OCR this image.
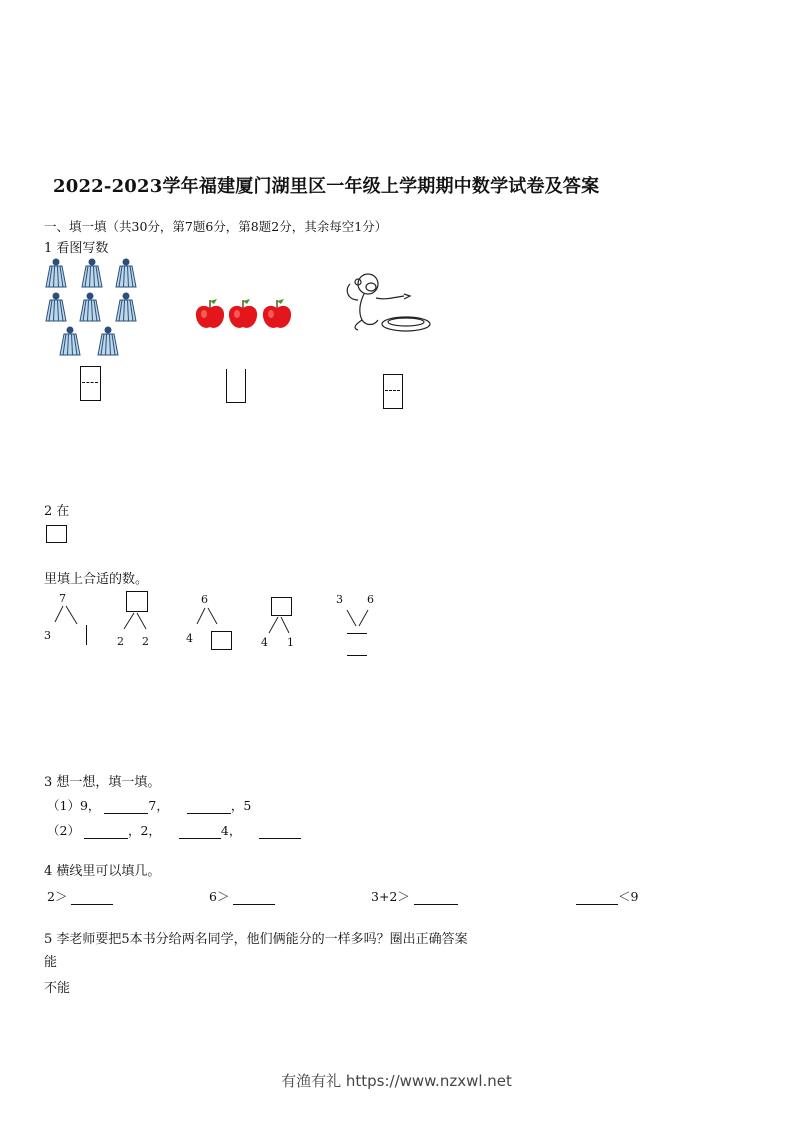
2022-2023学年福建厦门湖里区一年级上学期期中数学试卷及答案
一、填一填（共30分，第7题6分，第8题2分，其余每空1分）
1 看图写数
2 在
里填上合适的数。
7
3	2 2
6
4	4 1
3 6
3 想一想，填一填。
（1）9，	7，	，5
（2）	，2，	4，
4 横线里可以填几。
2＞	6＞	3+2＞	＜9
5 李老师要把5本书分给两名同学，他们俩能分的一样多吗？圈出正确答案
能
不能
有渔有礼 https://www.nzxwl.net
